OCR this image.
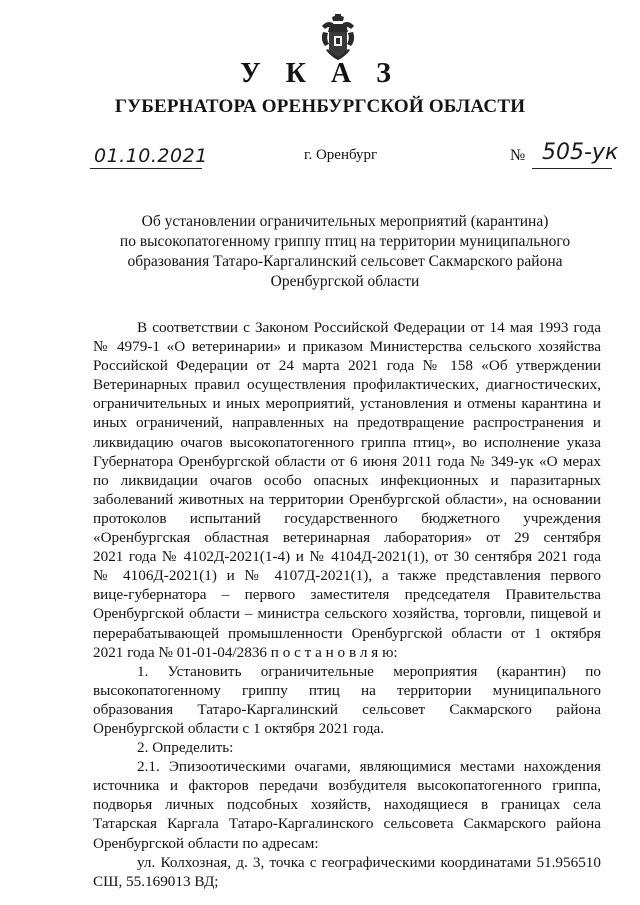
У К А З
ГУБЕРНАТОРА ОРЕНБУРГСКОЙ ОБЛАСТИ
01.10.2021	г. Оренбург	№ 505-ук
Об установлении ограничительных мероприятий (карантина)
по высокопатогенному гриппу птиц на территории муниципального
образования Татаро-Каргалинский сельсовет Сакмарского района
Оренбургской области
В соответствии с Законом Российской Федерации от 14 мая 1993 года
№ 4979-1 «О ветеринарии» и приказом Министерства сельского хозяйства
Российской Федерации от 24 марта 2021 года № 158 «Об утверждении
Ветеринарных правил осуществления профилактических, диагностических,
ограничительных и иных мероприятий, установления и отмены карантина и
иных ограничений, направленных на предотвращение распространения и
ликвидацию очагов высокопатогенного гриппа птиц», во исполнение указа
Губернатора Оренбургской области от 6 июня 2011 года № 349-ук «О мерах
по ликвидации очагов особо опасных инфекционных и паразитарных
заболеваний животных на территории Оренбургской области», на основании
протоколов испытаний государственного бюджетного учреждения
«Оренбургская областная ветеринарная лаборатория» от 29 сентября
2021 года № 4102Д-2021(1-4) и № 4104Д-2021(1), от 30 сентября 2021 года
№ 4106Д-2021(1) и № 4107Д-2021(1), а также представления первого
вице-губернатора – первого заместителя председателя Правительства
Оренбургской области – министра сельского хозяйства, торговли, пищевой и
перерабатывающей промышленности Оренбургской области от 1 октября
2021 года № 01-01-04/2836 п о с т а н о в л я ю:
1. Установить ограничительные мероприятия (карантин) по
высокопатогенному гриппу птиц на территории муниципального
образования Татаро-Каргалинский сельсовет Сакмарского района
Оренбургской области с 1 октября 2021 года.
2. Определить:
2.1. Эпизоотическими очагами, являющимися местами нахождения
источника и факторов передачи возбудителя высокопатогенного гриппа,
подворья личных подсобных хозяйств, находящиеся в границах села
Татарская Каргала Татаро-Каргалинского сельсовета Сакмарского района
Оренбургской области по адресам:
ул. Колхозная, д. 3, точка с географическими координатами 51.956510
СШ, 55.169013 ВД;
